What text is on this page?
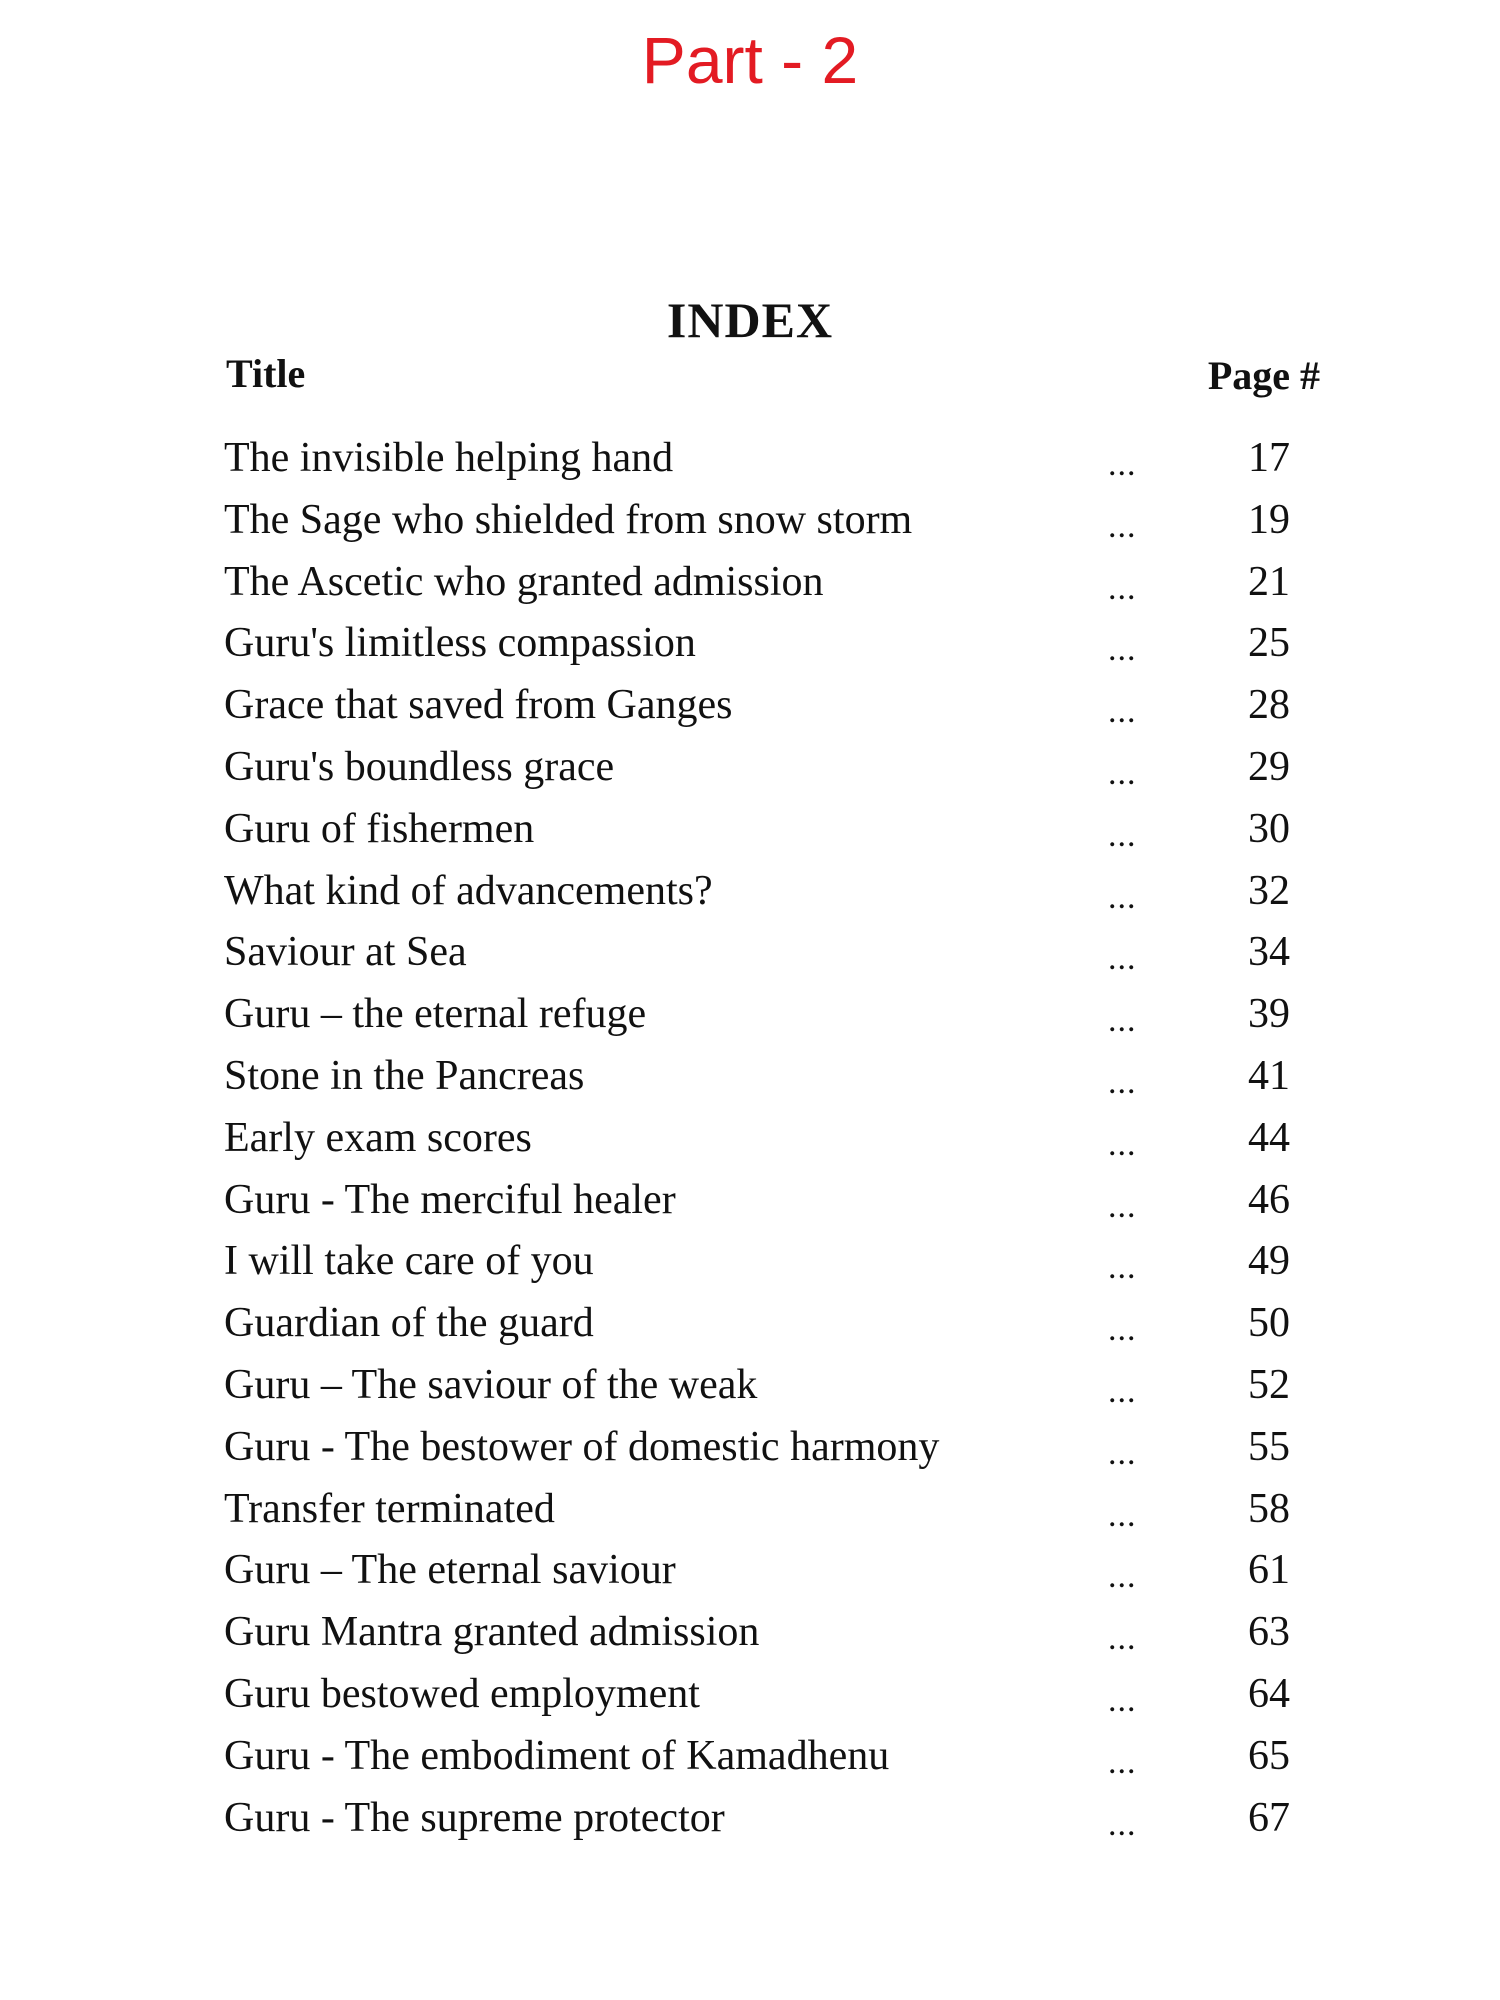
Part - 2
INDEX
Title	Page #
The invisible helping hand	...	17
The Sage who shielded from snow storm	...	19
The Ascetic who granted admission	...	21
Guru's limitless compassion	...	25
Grace that saved from Ganges	...	28
Guru's boundless grace	...	29
Guru of fishermen	...	30
What kind of advancements?	...	32
Saviour at Sea	...	34
Guru – the eternal refuge	...	39
Stone in the Pancreas	...	41
Early exam scores	...	44
Guru - The merciful healer	...	46
I will take care of you	...	49
Guardian of the guard	...	50
Guru – The saviour of the weak	...	52
Guru - The bestower of domestic harmony	...	55
Transfer terminated	...	58
Guru – The eternal saviour	...	61
Guru Mantra granted admission	...	63
Guru bestowed employment	...	64
Guru - The embodiment of Kamadhenu	...	65
Guru - The supreme protector	...	67
